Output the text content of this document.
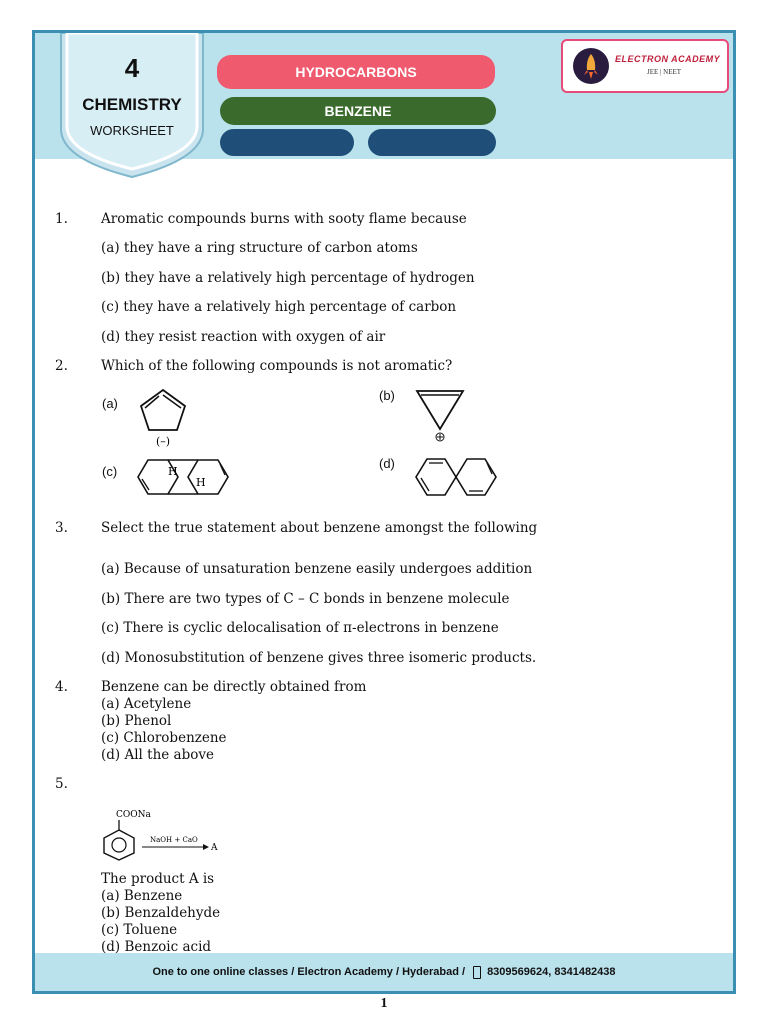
4
CHEMISTRY
WORKSHEET
HYDROCARBONS
BENZENE
ELECTRON ACADEMY
JEE | NEET
One to one online classes / Electron Academy / Hyderabad / 8309569624, 8341482438
1. Aromatic compounds burns with sooty flame because
(a) they have a ring structure of carbon atoms
(b) they have a relatively high percentage of hydrogen
(c) they have a relatively high percentage of carbon
(d) they resist reaction with oxygen of air
2. Which of the following compounds is not aromatic?
(a)
(–)
(b)
(c)	H
H
(d)
3. Select the true statement about benzene amongst the following
(a) Because of unsaturation benzene easily undergoes addition
(b) There are two types of C – C bonds in benzene molecule
(c) There is cyclic delocalisation of π-electrons in benzene
(d) Monosubstitution of benzene gives three isomeric products.
4. Benzene can be directly obtained from
(a) Acetylene
(b) Phenol
(c) Chlorobenzene
(d) All the above
5.
COONa
NaOH + CaO
A
The product A is
(a) Benzene
(b) Benzaldehyde
(c) Toluene
(d) Benzoic acid
1
